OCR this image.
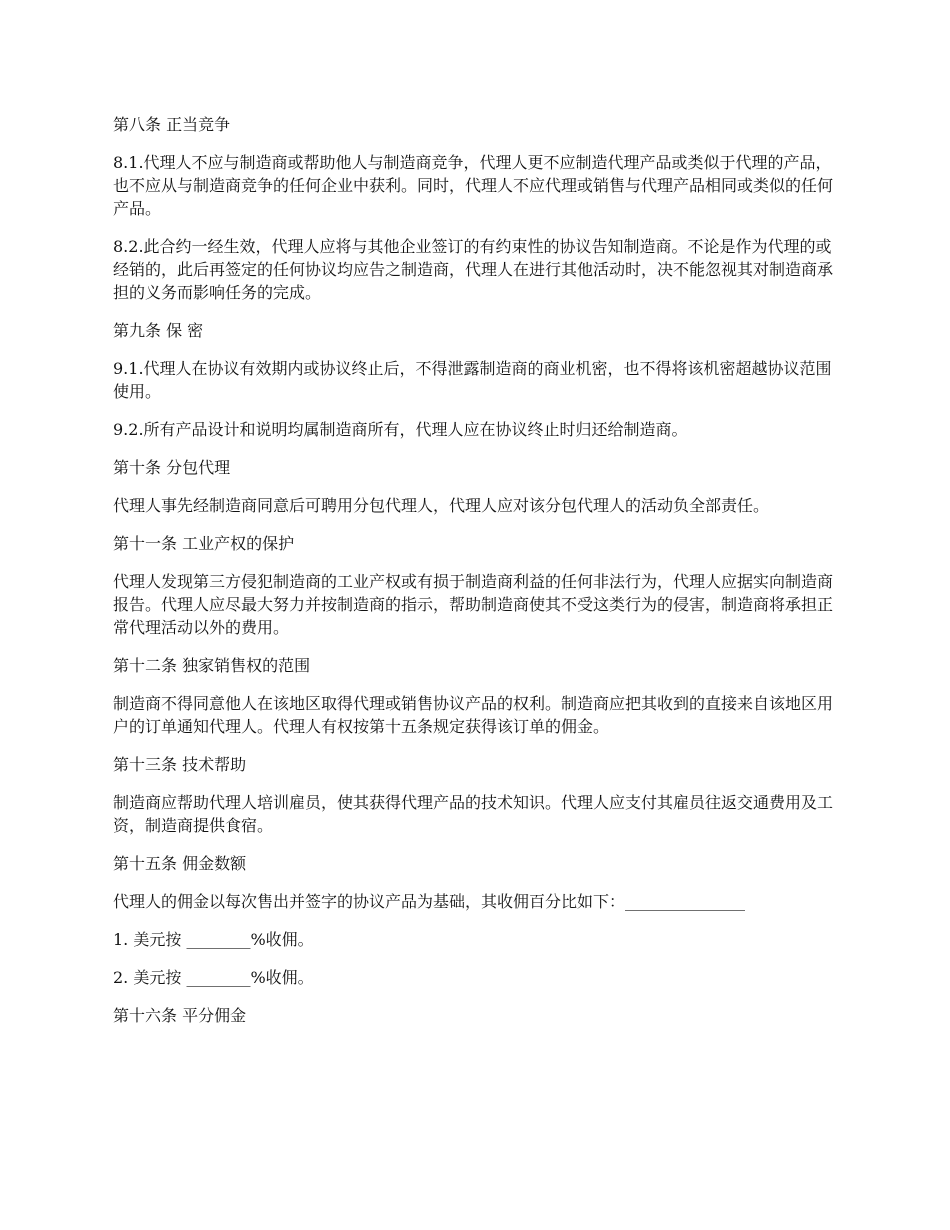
第八条 正当竞争

8.1.代理人不应与制造商或帮助他人与制造商竞争，代理人更不应制造代理产品或类似于代理的产品，也不应从与制造商竞争的任何企业中获利。同时，代理人不应代理或销售与代理产品相同或类似的任何产品。

8.2.此合约一经生效，代理人应将与其他企业签订的有约束性的协议告知制造商。不论是作为代理的或经销的，此后再签定的任何协议均应告之制造商，代理人在进行其他活动时，决不能忽视其对制造商承担的义务而影响任务的完成。

第九条 保 密

9.1.代理人在协议有效期内或协议终止后，不得泄露制造商的商业机密，也不得将该机密超越协议范围使用。

9.2.所有产品设计和说明均属制造商所有，代理人应在协议终止时归还给制造商。

第十条 分包代理

代理人事先经制造商同意后可聘用分包代理人，代理人应对该分包代理人的活动负全部责任。

第十一条 工业产权的保护

代理人发现第三方侵犯制造商的工业产权或有损于制造商利益的任何非法行为，代理人应据实向制造商报告。代理人应尽最大努力并按制造商的指示，帮助制造商使其不受这类行为的侵害，制造商将承担正常代理活动以外的费用。

第十二条 独家销售权的范围

制造商不得同意他人在该地区取得代理或销售协议产品的权利。制造商应把其收到的直接来自该地区用户的订单通知代理人。代理人有权按第十五条规定获得该订单的佣金。

第十三条 技术帮助

制造商应帮助代理人培训雇员，使其获得代理产品的技术知识。代理人应支付其雇员往返交通费用及工资，制造商提供食宿。

第十五条 佣金数额

代理人的佣金以每次售出并签字的协议产品为基础，其收佣百分比如下：_______________

1. 美元按 ________%收佣。

2. 美元按 ________%收佣。

第十六条 平分佣金
